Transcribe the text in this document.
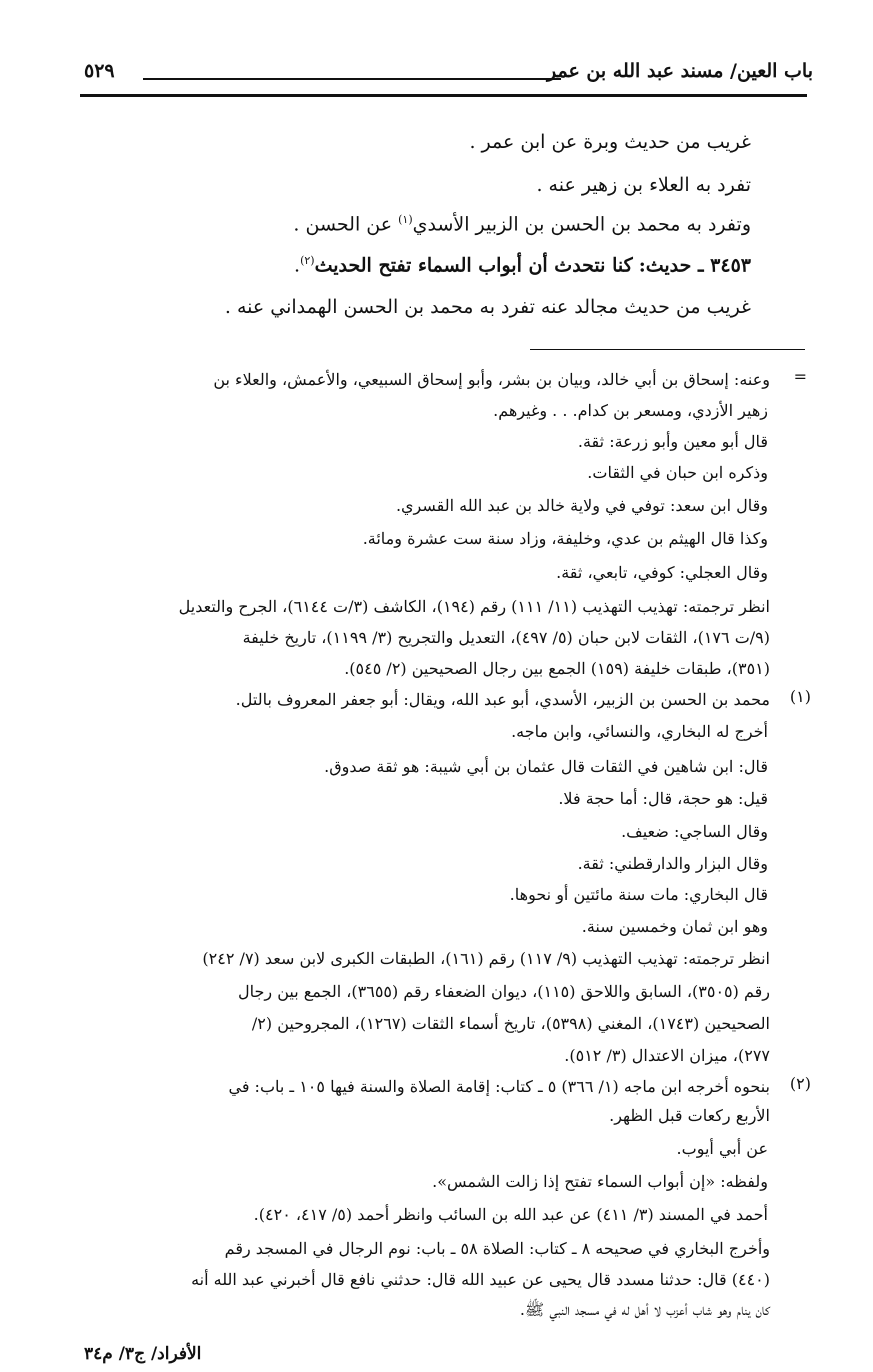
باب العين/ مسند عبد الله بن عمر
٥٢٩
غريب من حديث وبرة عن ابن عمر .
تفرد به العلاء بن زهير عنه .
وتفرد به محمد بن الحسن بن الزبير الأسدي$^{(١)}$ عن الحسن .
٣٤٥٣ ـ حديث: كنا نتحدث أن أبواب السماء تفتح الحديث$^{(٢)}$.
غريب من حديث مجالد عنه تفرد به محمد بن الحسن الهمداني عنه .
=
وعنه: إسحاق بن أبي خالد، وبيان بن بشر، وأبو إسحاق السبيعي، والأعمش، والعلاء بن
زهير الأزدي، ومسعر بن كدام. . . وغيرهم.
قال أبو معين وأبو زرعة: ثقة.
وذكره ابن حبان في الثقات.
وقال ابن سعد: توفي في ولاية خالد بن عبد الله القسري.
وكذا قال الهيثم بن عدي، وخليفة، وزاد سنة ست عشرة ومائة.
وقال العجلي: كوفي، تابعي، ثقة.
انظر ترجمته: تهذيب التهذيب (١١/ ١١١) رقم (١٩٤)، الكاشف (٣/ت ٦١٤٤)، الجرح والتعديل
(٩/ت ١٧٦)، الثقات لابن حبان (٥/ ٤٩٧)، التعديل والتجريح (٣/ ١١٩٩)، تاريخ خليفة
(٣٥١)، طبقات خليفة (١٥٩) الجمع بين رجال الصحيحين (٢/ ٥٤٥).
(١)
محمد بن الحسن بن الزبير، الأسدي، أبو عبد الله، ويقال: أبو جعفر المعروف بالتل.
أخرج له البخاري، والنسائي، وابن ماجه.
قال: ابن شاهين في الثقات قال عثمان بن أبي شيبة: هو ثقة صدوق.
قيل: هو حجة، قال: أما حجة فلا.
وقال الساجي: ضعيف.
وقال البزار والدارقطني: ثقة.
قال البخاري: مات سنة مائتين أو نحوها.
وهو ابن ثمان وخمسين سنة.
انظر ترجمته: تهذيب التهذيب (٩/ ١١٧) رقم (١٦١)، الطبقات الكبرى لابن سعد (٧/ ٢٤٢)
رقم (٣٥٠٥)، السابق واللاحق (١١٥)، ديوان الضعفاء رقم (٣٦٥٥)، الجمع بين رجال
الصحيحين (١٧٤٣)، المغني (٥٣٩٨)، تاريخ أسماء الثقات (١٢٦٧)، المجروحين (٢/
٢٧٧)، ميزان الاعتدال (٣/ ٥١٢).
(٢)
بنحوه أخرجه ابن ماجه (١/ ٣٦٦) ٥ ـ كتاب: إقامة الصلاة والسنة فيها ١٠٥ ـ باب: في
الأربع ركعات قبل الظهر.
عن أبي أيوب.
ولفظه: «إن أبواب السماء تفتح إذا زالت الشمس».
أحمد في المسند (٣/ ٤١١) عن عبد الله بن السائب وانظر أحمد (٥/ ٤١٧، ٤٢٠).
وأخرج البخاري في صحيحه ٨ ـ كتاب: الصلاة ٥٨ ـ باب: نوم الرجال في المسجد رقم
(٤٤٠) قال: حدثنا مسدد قال يحيى عن عبيد الله قال: حدثني نافع قال أخبرني عبد الله أنه
كان ينام وهو شاب أعزب لا أهل له في مسجد النبي ﷺ.
الأفراد/ ج٣/ م٣٤
